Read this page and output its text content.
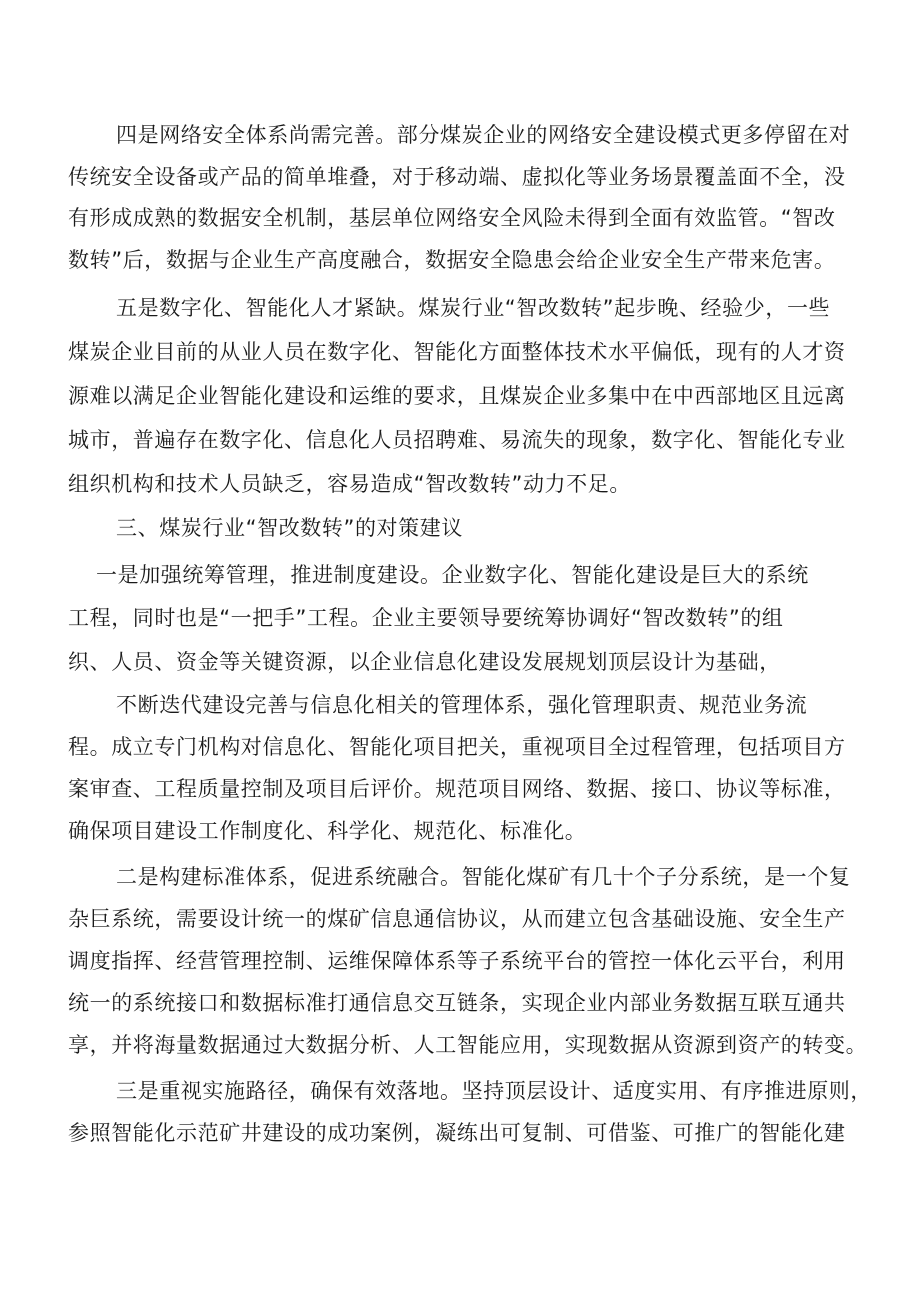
四是网络安全体系尚需完善。部分煤炭企业的网络安全建设模式更多停留在对
传统安全设备或产品的简单堆叠，对于移动端、虚拟化等业务场景覆盖面不全，没
有形成成熟的数据安全机制，基层单位网络安全风险未得到全面有效监管。“智改
数转”后，数据与企业生产高度融合，数据安全隐患会给企业安全生产带来危害。
五是数字化、智能化人才紧缺。煤炭行业“智改数转”起步晚、经验少，一些
煤炭企业目前的从业人员在数字化、智能化方面整体技术水平偏低，现有的人才资
源难以满足企业智能化建设和运维的要求，且煤炭企业多集中在中西部地区且远离
城市，普遍存在数字化、信息化人员招聘难、易流失的现象，数字化、智能化专业
组织机构和技术人员缺乏，容易造成“智改数转”动力不足。
三、煤炭行业“智改数转”的对策建议
一是加强统筹管理，推进制度建设。企业数字化、智能化建设是巨大的系统
工程，同时也是“一把手”工程。企业主要领导要统筹协调好“智改数转”的组
织、人员、资金等关键资源，以企业信息化建设发展规划顶层设计为基础，
不断迭代建设完善与信息化相关的管理体系，强化管理职责、规范业务流
程。成立专门机构对信息化、智能化项目把关，重视项目全过程管理，包括项目方
案审查、工程质量控制及项目后评价。规范项目网络、数据、接口、协议等标准，
确保项目建设工作制度化、科学化、规范化、标准化。
二是构建标准体系，促进系统融合。智能化煤矿有几十个子分系统，是一个复
杂巨系统，需要设计统一的煤矿信息通信协议，从而建立包含基础设施、安全生产
调度指挥、经营管理控制、运维保障体系等子系统平台的管控一体化云平台，利用
统一的系统接口和数据标准打通信息交互链条，实现企业内部业务数据互联互通共
享，并将海量数据通过大数据分析、人工智能应用，实现数据从资源到资产的转变。
三是重视实施路径，确保有效落地。坚持顶层设计、适度实用、有序推进原则，
参照智能化示范矿井建设的成功案例，凝练出可复制、可借鉴、可推广的智能化建
